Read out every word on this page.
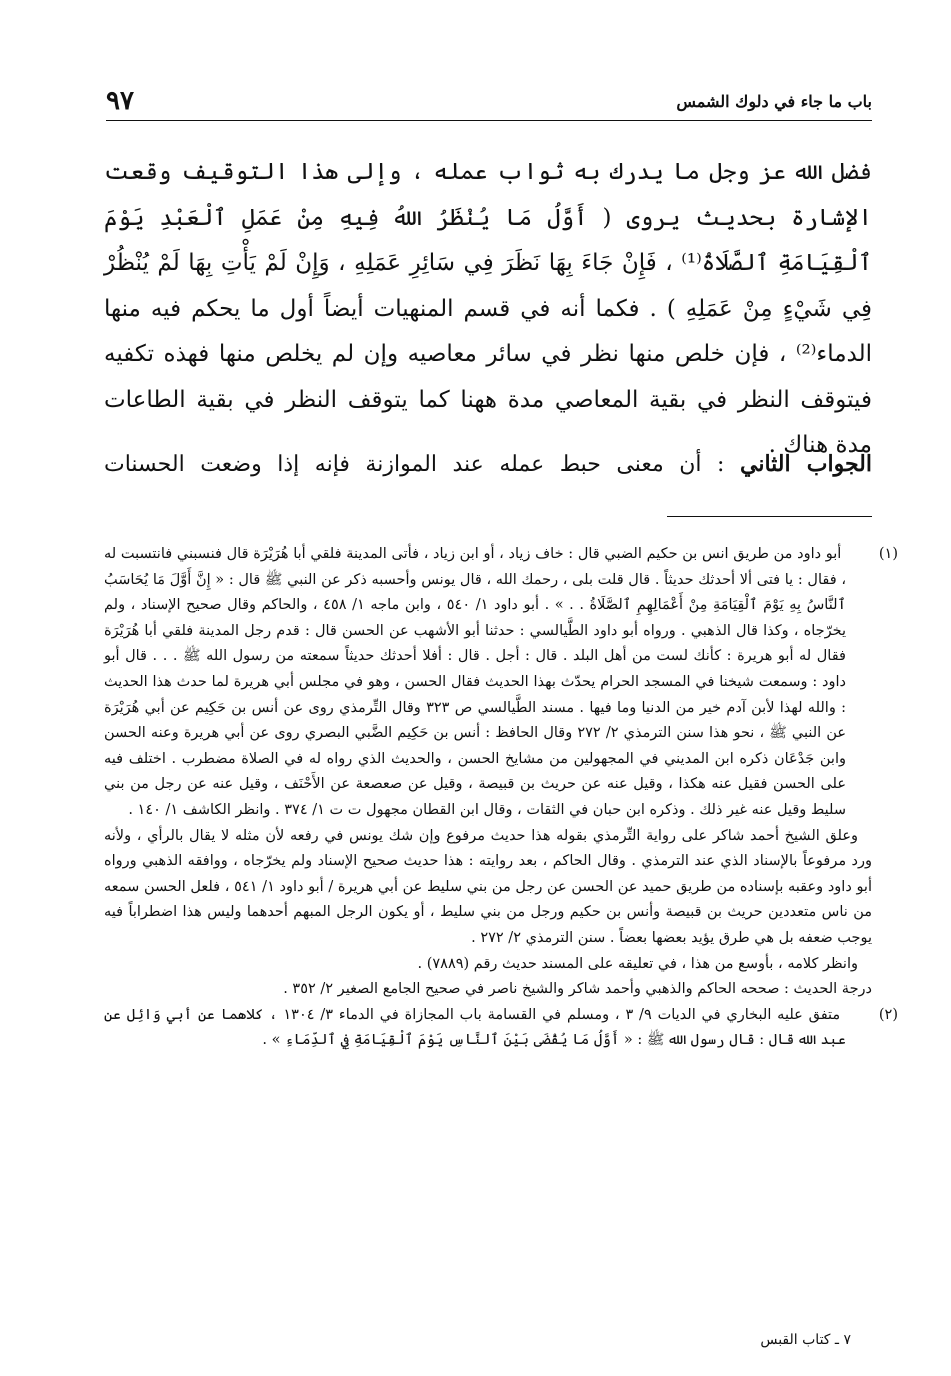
٩٧	باب ما جاء في دلوك الشمس

فضل الله عز وجل ما يدرك به ثواب عمله ، وإلى هذا التوقيف وقعت الإشارة بحديث يروى ( أَوَّلُ مَا يُنْظَرُ اللهُ فِيهِ مِنْ عَمَلِ ٱلْعَبْدِ يَوْمَ ٱلْقِيَامَةِ ٱلصَّلَاةُ⁽¹⁾ ، فَإِنْ جَاءَ بِهَا نَظَرَ فِي سَائِرِ عَمَلِهِ ، وَإِنْ لَمْ يَأْتِ بِهَا لَمْ يُنْظُرْ فِي شَيْءٍ مِنْ عَمَلِهِ ) . فكما أنه في قسم المنهيات أيضاً أول ما يحكم فيه منها الدماء⁽²⁾ ، فإن خلص منها نظر في سائر معاصيه وإن لم يخلص منها فهذه تكفيه فيتوقف النظر في بقية المعاصي مدة ههنا كما يتوقف النظر في بقية الطاعات مدة هناك .

الجواب الثاني : أن معنى حبط عمله عند الموازنة فإنه إذا وضعت الحسنات
(١) أبو داود من طريق انس بن حكيم الضبي قال : خاف زياد ، أو ابن زياد ، فأتى المدينة فلقي أبا هُرَيْرَة قال فنسبني فانتسبت له ، فقال : يا فتى ألا أحدثك حديثاً . قال قلت بلى ، رحمك الله ، قال يونس وأحسبه ذكر عن النبي ﷺ قال : « إِنَّ أَوَّلَ مَا يُحَاسَبُ ٱلنَّاسُ بِهِ يَوْمَ ٱلْقِيَامَةِ مِنْ أَعْمَالِهِمِ ٱلصَّلَاةُ . . » . أبو داود ١/ ٥٤٠ ، وابن ماجه ١/ ٤٥٨ ، والحاكم وقال صحيح الإسناد ، ولم يخرّجاه ، وكذا قال الذهبي . ورواه أبو داود الطَّيالسي : حدثنا أبو الأشهب عن الحسن قال : قدم رجل المدينة فلقي أبا هُرَيْرَة فقال له أبو هريرة : كأنك لست من أهل البلد . قال : أجل . قال : أفلا أحدثك حديثاً سمعته من رسول الله ﷺ . . . قال أبو داود : وسمعت شيخنا في المسجد الحرام يحدّث بهذا الحديث فقال الحسن ، وهو في مجلس أبي هريرة لما حدث هذا الحديث : والله لهذا لأبن آدم خير من الدنيا وما فيها . مسند الطَّيالسي ص ٣٢٣ وقال التِّرمذي روى عن أنس بن حَكِيم عن أبي هُرَيْرَة عن النبي ﷺ ، نحو هذا سنن الترمذي ٢/ ٢٧٢ وقال الحافظ : أنس بن حَكِيم الضَّبي البصري روى عن أبي هريرة وعنه الحسن وابن جَدْعَان ذكره ابن المديني في المجهولين من مشايخ الحسن ، والحديث الذي رواه له في الصلاة مضطرب . اختلف فيه على الحسن فقيل عنه هكذا ، وقيل عنه عن حريث بن قبيصة ، وقيل عن صعصعة عن الأَحْنَف ، وقيل عنه عن رجل من بني سليط وقيل عنه غير ذلك . وذكره ابن حبان في الثقات ، وقال ابن القطان مجهول ت ت ١/ ٣٧٤ . وانظر الكاشف ١/ ١٤٠ .
وعلق الشيخ أحمد شاكر على رواية التِّرمذي بقوله هذا حديث مرفوع وإن شك يونس في رفعه لأن مثله لا يقال بالرأي ، ولأنه ورد مرفوعاً بالإسناد الذي عند الترمذي . وقال الحاكم ، بعد روايته : هذا حديث صحيح الإسناد ولم يخرّجاه ، ووافقه الذهبي ورواه أبو داود وعقبه بإسناده من طريق حميد عن الحسن عن رجل من بني سليط عن أبي هريرة / أبو داود ١/ ٥٤١ ، فلعل الحسن سمعه من ناس متعددين حريث بن قبيصة وأنس بن حكيم ورجل من بني سليط ، أو يكون الرجل المبهم أحدهما وليس هذا اضطراباً فيه يوجب ضعفه بل هي طرق يؤيد بعضها بعضاً . سنن الترمذي ٢/ ٢٧٢ .
وانظر كلامه ، بأوسع من هذا ، في تعليقه على المسند حديث رقم (٧٨٨٩) .
درجة الحديث : صححه الحاكم والذهبي وأحمد شاكر والشيخ ناصر في صحيح الجامع الصغير ٢/ ٣٥٢ .
(٢) متفق عليه البخاري في الديات ٩/ ٣ ، ومسلم في القسامة باب المجازاة في الدماء ٣/ ١٣٠٤ ، كلاهما عن أبي وَائِل عن عبد الله قال : قال رسول الله ﷺ : « أَوَّلُ مَا يُقْضَى بَيْنَ ٱلنَّاسِ يَوْمَ ٱلْقِيَامَةِ فِي ٱلدِّمَاءِ » .
٧ ـ كتاب القبس
